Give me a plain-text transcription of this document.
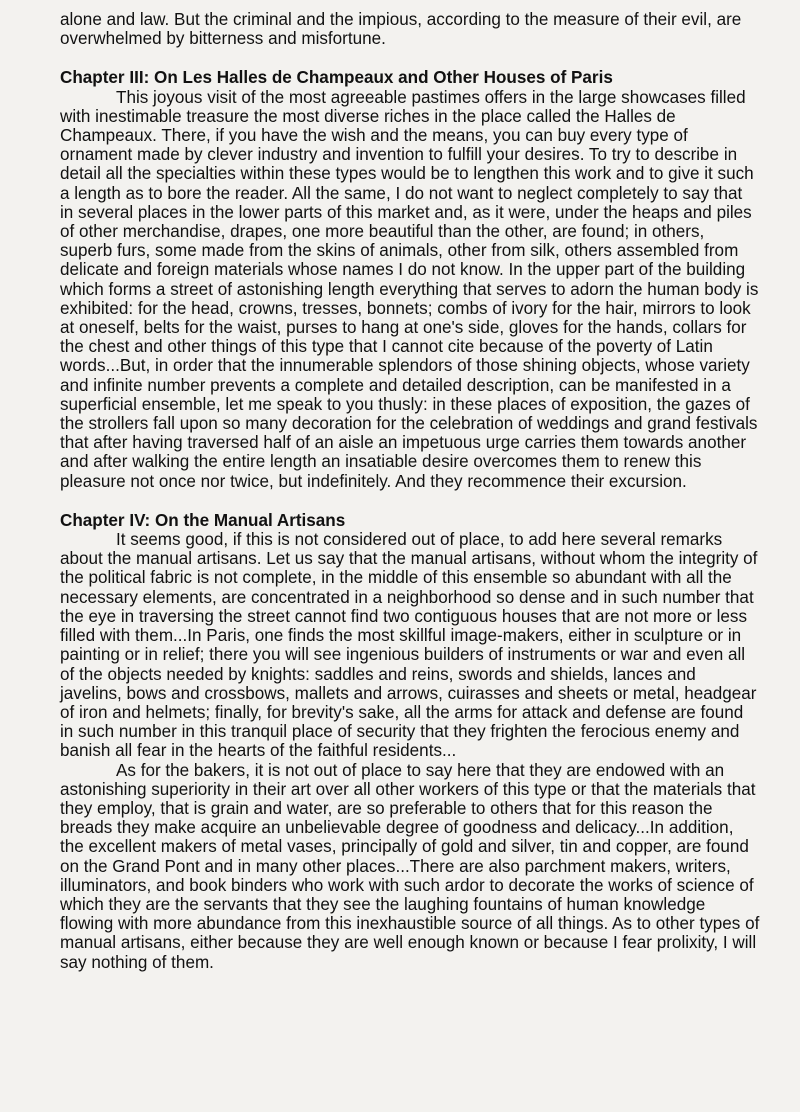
alone and law. But the criminal and the impious, according to the measure of their evil, are overwhelmed by bitterness and misfortune.

Chapter III: On Les Halles de Champeaux and Other Houses of Paris

This joyous visit of the most agreeable pastimes offers in the large showcases filled with inestimable treasure the most diverse riches in the place called the Halles de Champeaux. There, if you have the wish and the means, you can buy every type of ornament made by clever industry and invention to fulfill your desires. To try to describe in detail all the specialties within these types would be to lengthen this work and to give it such a length as to bore the reader. All the same, I do not want to neglect completely to say that in several places in the lower parts of this market and, as it were, under the heaps and piles of other merchandise, drapes, one more beautiful than the other, are found; in others, superb furs, some made from the skins of animals, other from silk, others assembled from delicate and foreign materials whose names I do not know. In the upper part of the building which forms a street of astonishing length everything that serves to adorn the human body is exhibited: for the head, crowns, tresses, bonnets; combs of ivory for the hair, mirrors to look at oneself, belts for the waist, purses to hang at one's side, gloves for the hands, collars for the chest and other things of this type that I cannot cite because of the poverty of Latin words...But, in order that the innumerable splendors of those shining objects, whose variety and infinite number prevents a complete and detailed description, can be manifested in a superficial ensemble, let me speak to you thusly: in these places of exposition, the gazes of the strollers fall upon so many decoration for the celebration of weddings and grand festivals that after having traversed half of an aisle an impetuous urge carries them towards another and after walking the entire length an insatiable desire overcomes them to renew this pleasure not once nor twice, but indefinitely. And they recommence their excursion.

Chapter IV: On the Manual Artisans

It seems good, if this is not considered out of place, to add here several remarks about the manual artisans. Let us say that the manual artisans, without whom the integrity of the political fabric is not complete, in the middle of this ensemble so abundant with all the necessary elements, are concentrated in a neighborhood so dense and in such number that the eye in traversing the street cannot find two contiguous houses that are not more or less filled with them...In Paris, one finds the most skillful image-makers, either in sculpture or in painting or in relief; there you will see ingenious builders of instruments or war and even all of the objects needed by knights: saddles and reins, swords and shields, lances and javelins, bows and crossbows, mallets and arrows, cuirasses and sheets or metal, headgear of iron and helmets; finally, for brevity's sake, all the arms for attack and defense are found in such number in this tranquil place of security that they frighten the ferocious enemy and banish all fear in the hearts of the faithful residents...

As for the bakers, it is not out of place to say here that they are endowed with an astonishing superiority in their art over all other workers of this type or that the materials that they employ, that is grain and water, are so preferable to others that for this reason the breads they make acquire an unbelievable degree of goodness and delicacy...In addition, the excellent makers of metal vases, principally of gold and silver, tin and copper, are found on the Grand Pont and in many other places...There are also parchment makers, writers, illuminators, and book binders who work with such ardor to decorate the works of science of which they are the servants that they see the laughing fountains of human knowledge flowing with more abundance from this inexhaustible source of all things. As to other types of manual artisans, either because they are well enough known or because I fear prolixity, I will say nothing of them.
